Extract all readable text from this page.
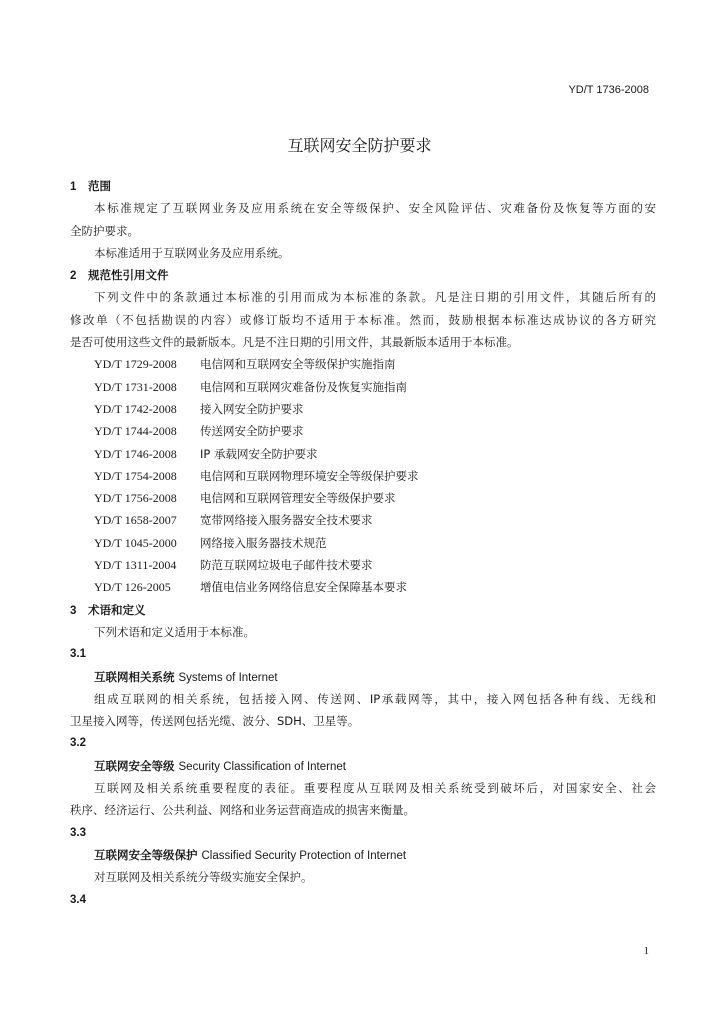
YD/T 1736-2008
互联网安全防护要求
1 范围
本标准规定了互联网业务及应用系统在安全等级保护、安全风险评估、灾难备份及恢复等方面的安
全防护要求。
本标准适用于互联网业务及应用系统。
2 规范性引用文件
下列文件中的条款通过本标准的引用而成为本标准的条款。凡是注日期的引用文件，其随后所有的
修改单（不包括勘误的内容）或修订版均不适用于本标准。然而，鼓励根据本标准达成协议的各方研究
是否可使用这些文件的最新版本。凡是不注日期的引用文件，其最新版本适用于本标准。
YD/T 1729-2008 电信网和互联网安全等级保护实施指南
YD/T 1731-2008 电信网和互联网灾难备份及恢复实施指南
YD/T 1742-2008 接入网安全防护要求
YD/T 1744-2008 传送网安全防护要求
YD/T 1746-2008 IP 承载网安全防护要求
YD/T 1754-2008 电信网和互联网物理环境安全等级保护要求
YD/T 1756-2008 电信网和互联网管理安全等级保护要求
YD/T 1658-2007 宽带网络接入服务器安全技术要求
YD/T 1045-2000 网络接入服务器技术规范
YD/T 1311-2004 防范互联网垃圾电子邮件技术要求
YD/T 126-2005	增值电信业务网络信息安全保障基本要求
3 术语和定义
下列术语和定义适用于本标准。
3.1
互联网相关系统 Systems of Internet
组成互联网的相关系统，包括接入网、传送网、IP承载网等，其中，接入网包括各种有线、无线和
卫星接入网等，传送网包括光缆、波分、SDH、卫星等。
3.2
互联网安全等级 Security Classification of Internet
互联网及相关系统重要程度的表征。重要程度从互联网及相关系统受到破坏后，对国家安全、社会
秩序、经济运行、公共利益、网络和业务运营商造成的损害来衡量。
3.3
互联网安全等级保护 Classified Security Protection of Internet
对互联网及相关系统分等级实施安全保护。
3.4
1
